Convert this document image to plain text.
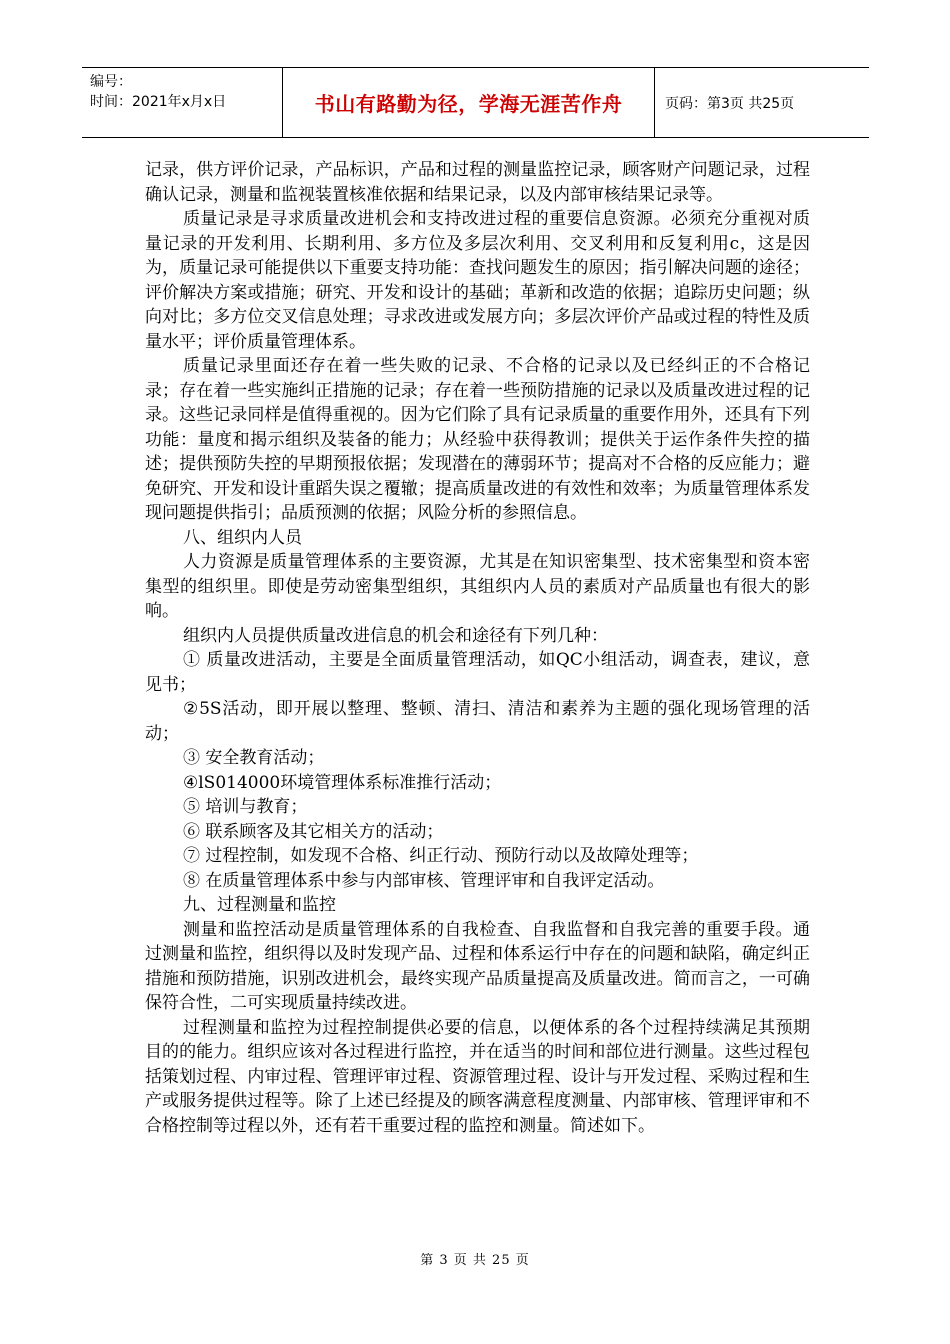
编号：
时间：2021年x月x日	书山有路勤为径，学海无涯苦作舟	页码：第3页 共25页

记录，供方评价记录，产品标识，产品和过程的测量监控记录，顾客财产问题记录，过程确认记录，测量和监视装置核准依据和结果记录，以及内部审核结果记录等。

质量记录是寻求质量改进机会和支持改进过程的重要信息资源。必须充分重视对质量记录的开发利用、长期利用、多方位及多层次利用、交叉利用和反复利用c，这是因为，质量记录可能提供以下重要支持功能：查找问题发生的原因；指引解决问题的途径；评价解决方案或措施；研究、开发和设计的基础；革新和改造的依据；追踪历史问题；纵向对比；多方位交叉信息处理；寻求改进或发展方向；多层次评价产品或过程的特性及质量水平；评价质量管理体系。

质量记录里面还存在着一些失败的记录、不合格的记录以及已经纠正的不合格记录；存在着一些实施纠正措施的记录；存在着一些预防措施的记录以及质量改进过程的记录。这些记录同样是值得重视的。因为它们除了具有记录质量的重要作用外，还具有下列功能：量度和揭示组织及装备的能力；从经验中获得教训；提供关于运作条件失控的描述；提供预防失控的早期预报依据；发现潜在的薄弱环节；提高对不合格的反应能力；避免研究、开发和设计重蹈失误之覆辙；提高质量改进的有效性和效率；为质量管理体系发现问题提供指引；品质预测的依据；风险分析的参照信息。

八、组织内人员

人力资源是质量管理体系的主要资源，尤其是在知识密集型、技术密集型和资本密集型的组织里。即使是劳动密集型组织，其组织内人员的素质对产品质量也有很大的影响。

组织内人员提供质量改进信息的机会和途径有下列几种：

① 质量改进活动，主要是全面质量管理活动，如QC小组活动，调查表，建议，意见书；

②5S活动，即开展以整理、整顿、清扫、清洁和素养为主题的强化现场管理的活动；

③ 安全教育活动；

④lS014000环境管理体系标准推行活动；

⑤ 培训与教育；

⑥ 联系顾客及其它相关方的活动；

⑦ 过程控制，如发现不合格、纠正行动、预防行动以及故障处理等；

⑧ 在质量管理体系中参与内部审核、管理评审和自我评定活动。

九、过程测量和监控

测量和监控活动是质量管理体系的自我检查、自我监督和自我完善的重要手段。通过测量和监控，组织得以及时发现产品、过程和体系运行中存在的问题和缺陷，确定纠正措施和预防措施，识别改进机会，最终实现产品质量提高及质量改进。简而言之，一可确保符合性，二可实现质量持续改进。

过程测量和监控为过程控制提供必要的信息，以便体系的各个过程持续满足其预期目的的能力。组织应该对各过程进行监控，并在适当的时间和部位进行测量。这些过程包括策划过程、内审过程、管理评审过程、资源管理过程、设计与开发过程、采购过程和生产或服务提供过程等。除了上述已经提及的顾客满意程度测量、内部审核、管理评审和不合格控制等过程以外，还有若干重要过程的监控和测量。简述如下。

第 3 页 共 25 页
